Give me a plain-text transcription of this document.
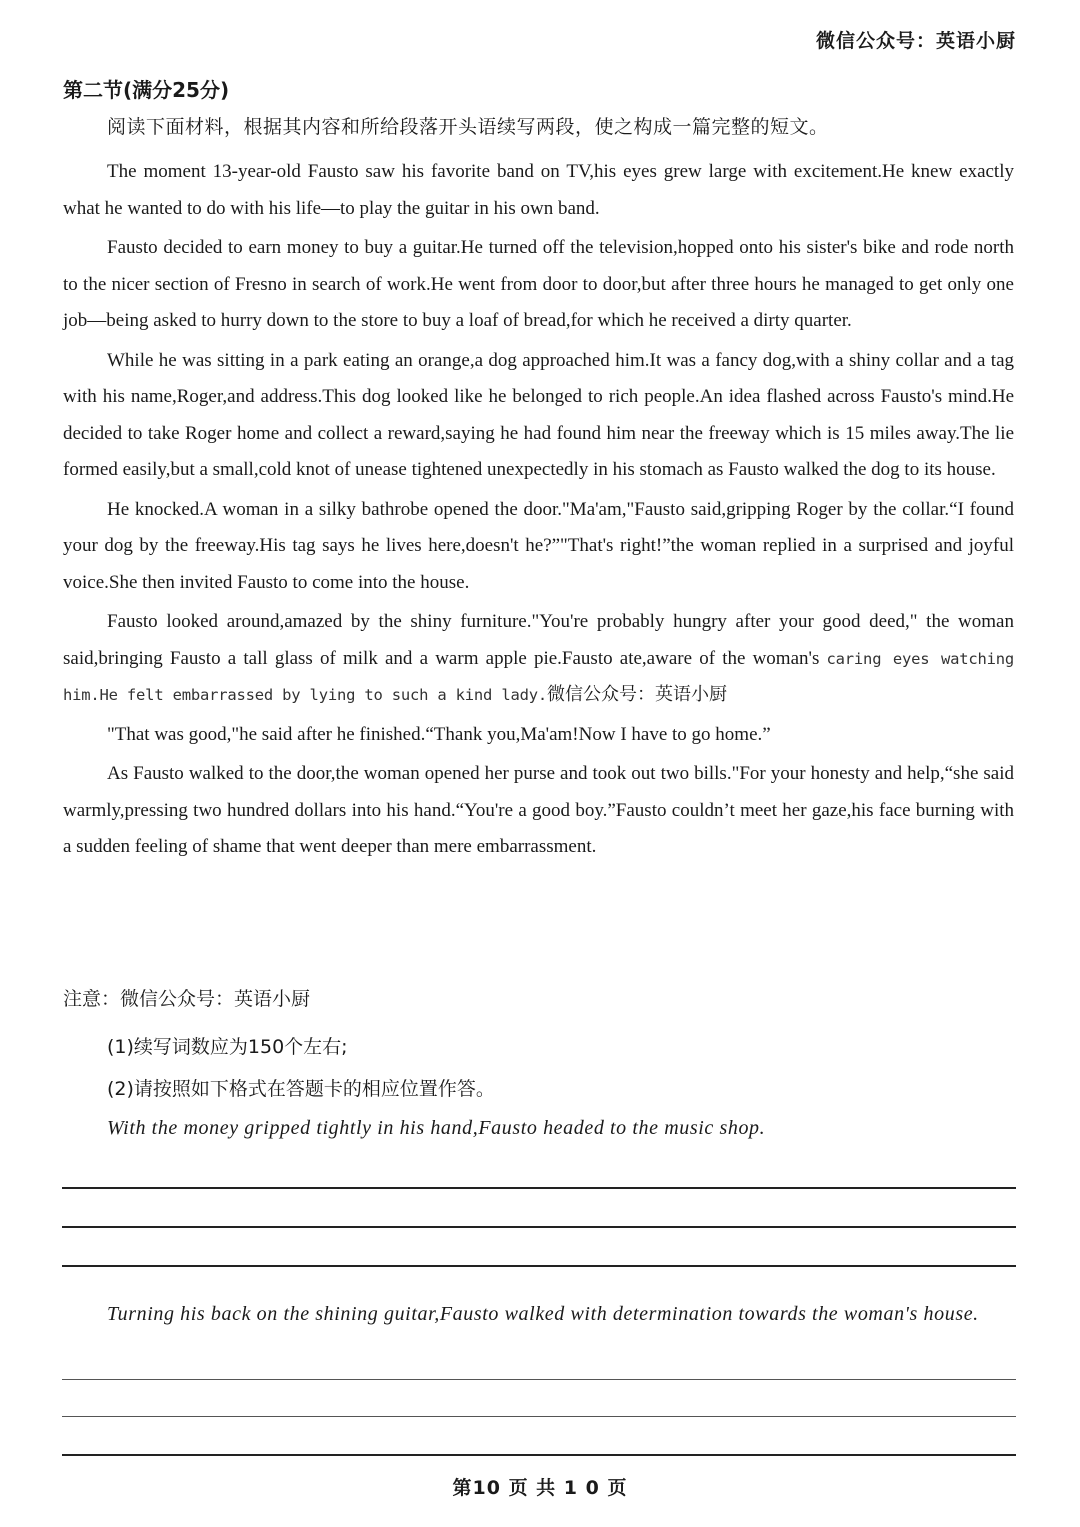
微信公众号：英语小厨
第二节(满分25分)
阅读下面材料，根据其内容和所给段落开头语续写两段，使之构成一篇完整的短文。

The moment 13-year-old Fausto saw his favorite band on TV,his eyes grew large with excitement.He knew exactly what he wanted to do with his life—to play the guitar in his own band.

Fausto decided to earn money to buy a guitar.He turned off the television,hopped onto his sister's bike and rode north to the nicer section of Fresno in search of work.He went from door to door,but after three hours he managed to get only one job—being asked to hurry down to the store to buy a loaf of bread,for which he received a dirty quarter.

While he was sitting in a park eating an orange,a dog approached him.It was a fancy dog,with a shiny collar and a tag with his name,Roger,and address.This dog looked like he belonged to rich people.An idea flashed across Fausto's mind.He decided to take Roger home and collect a reward,saying he had found him near the freeway which is 15 miles away.The lie formed easily,but a small,cold knot of unease tightened unexpectedly in his stomach as Fausto walked the dog to its house.

He knocked.A woman in a silky bathrobe opened the door."Ma'am,"Fausto said,gripping Roger by the collar.“I found your dog by the freeway.His tag says he lives here,doesn't he?”"That's right!”the woman replied in a surprised and joyful voice.She then invited Fausto to come into the house.

Fausto looked around,amazed by the shiny furniture."You're probably hungry after your good deed," the woman said,bringing Fausto a tall glass of milk and a warm apple pie.Fausto ate,aware of the woman's caring eyes watching him.He felt embarrassed by lying to such a kind lady.微信公众号：英语小厨

"That was good,"he said after he finished.“Thank you,Ma'am!Now I have to go home.”

As Fausto walked to the door,the woman opened her purse and took out two bills."For your honesty and help,“she said warmly,pressing two hundred dollars into his hand.“You're a good boy.”Fausto couldn’t meet her gaze,his face burning with a sudden feeling of shame that went deeper than mere embarrassment.

注意：微信公众号：英语小厨
(1)续写词数应为150个左右;
(2)请按照如下格式在答题卡的相应位置作答。
With the money gripped tightly in his hand,Fausto headed to the music shop.
Turning his back on the shining guitar,Fausto walked with determination towards the woman's house.
第10 页 共 1 0 页
